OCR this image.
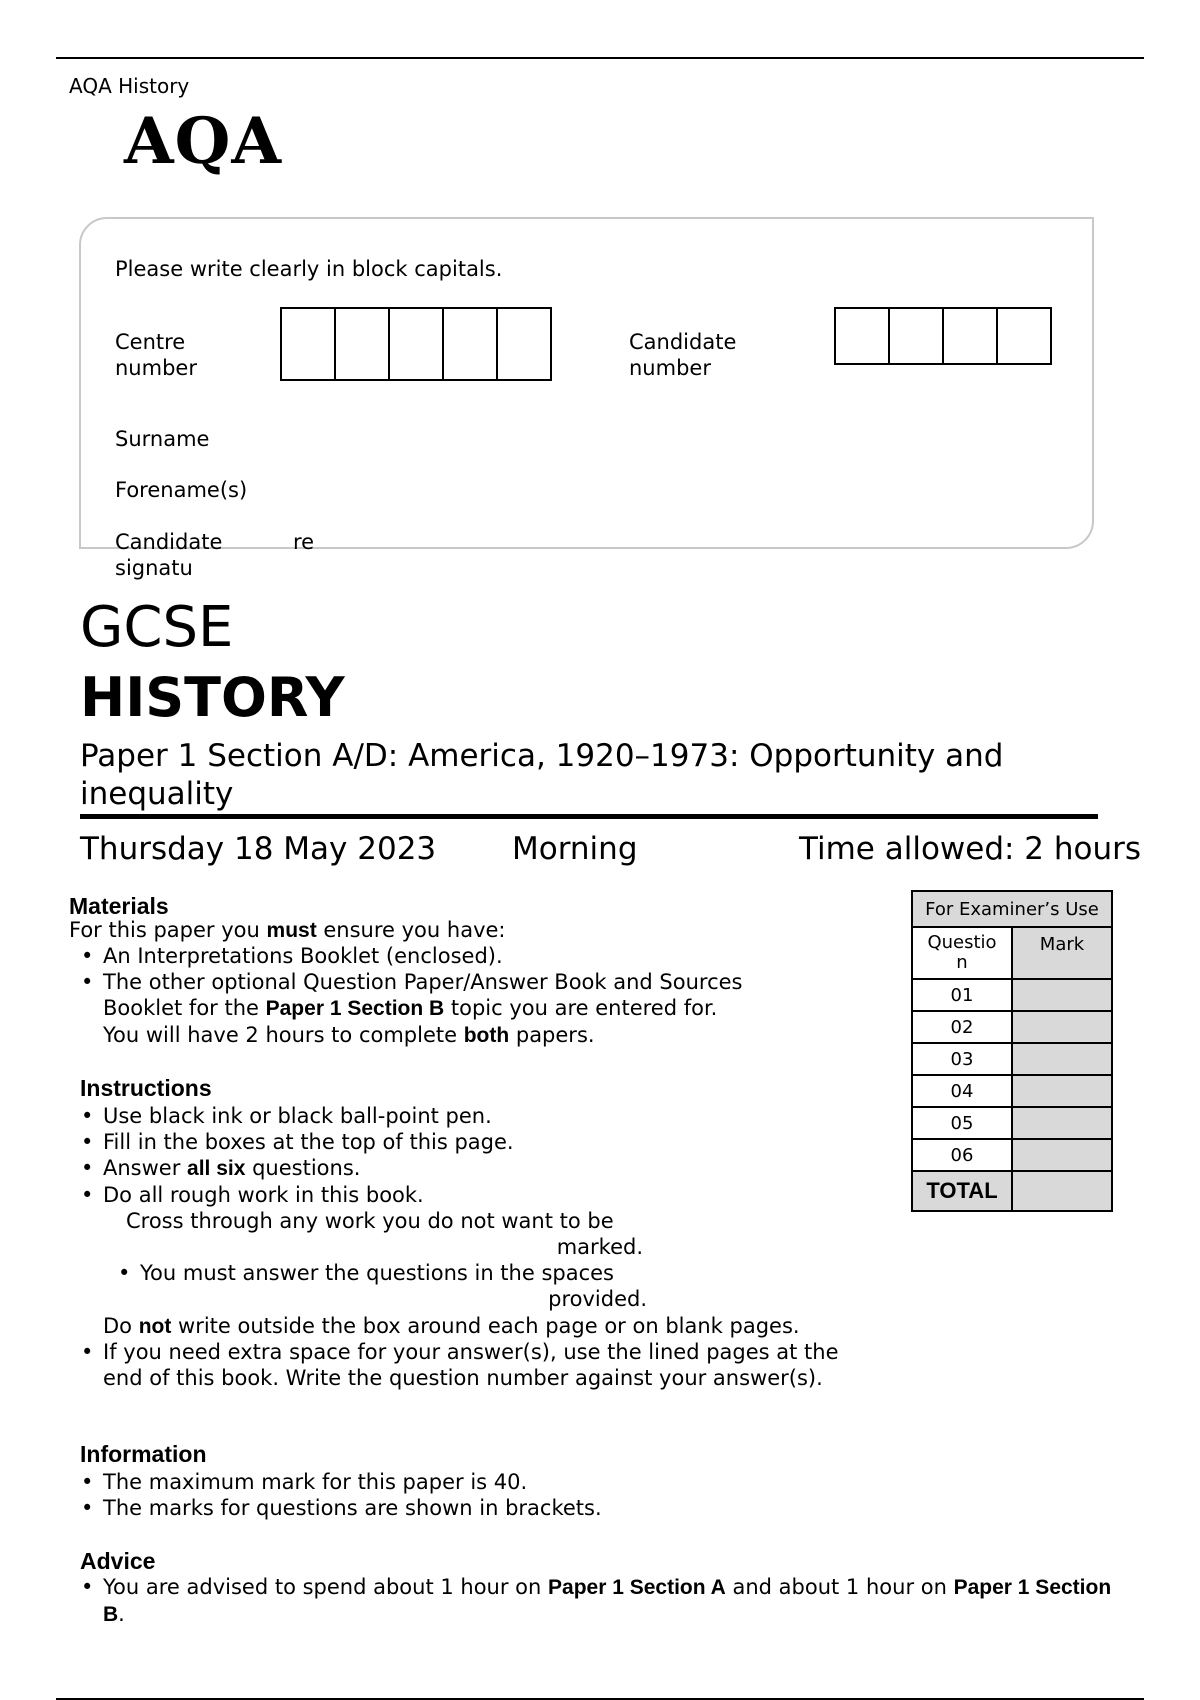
AQA History
AQA
Please write clearly in block capitals.
Centre
number
Candidate
number
Surname
Forename(s)
Candidate	re
signatu
GCSE
HISTORY
Paper 1 Section A/D: America, 1920–1973: Opportunity and inequality
Thursday 18 May 2023 Morning	Time allowed: 2 hours
Materials
For this paper you must ensure you have:
• An Interpretations Booklet (enclosed).
• The other optional Question Paper/Answer Book and Sources Booklet for the Paper 1 Section B topic you are entered for.
You will have 2 hours to complete both papers.
Instructions
• Use black ink or black ball-point pen.
• Fill in the boxes at the top of this page.
• Answer all six questions.
• Do all rough work in this book.
Cross through any work you do not want to be
marked.
• You must answer the questions in the spaces
provided.
Do not write outside the box around each page or on blank pages.
• If you need extra space for your answer(s), use the lined pages at the end of this book. Write the question number against your answer(s).
Information
• The maximum mark for this paper is 40.
• The marks for questions are shown in brackets.
Advice
• You are advised to spend about 1 hour on Paper 1 Section A and about 1 hour on Paper 1 Section
B.
For Examiner’s Use	

Questio
n	Mark
01	
02	
03	
04	
05	
06	
TOTAL	
